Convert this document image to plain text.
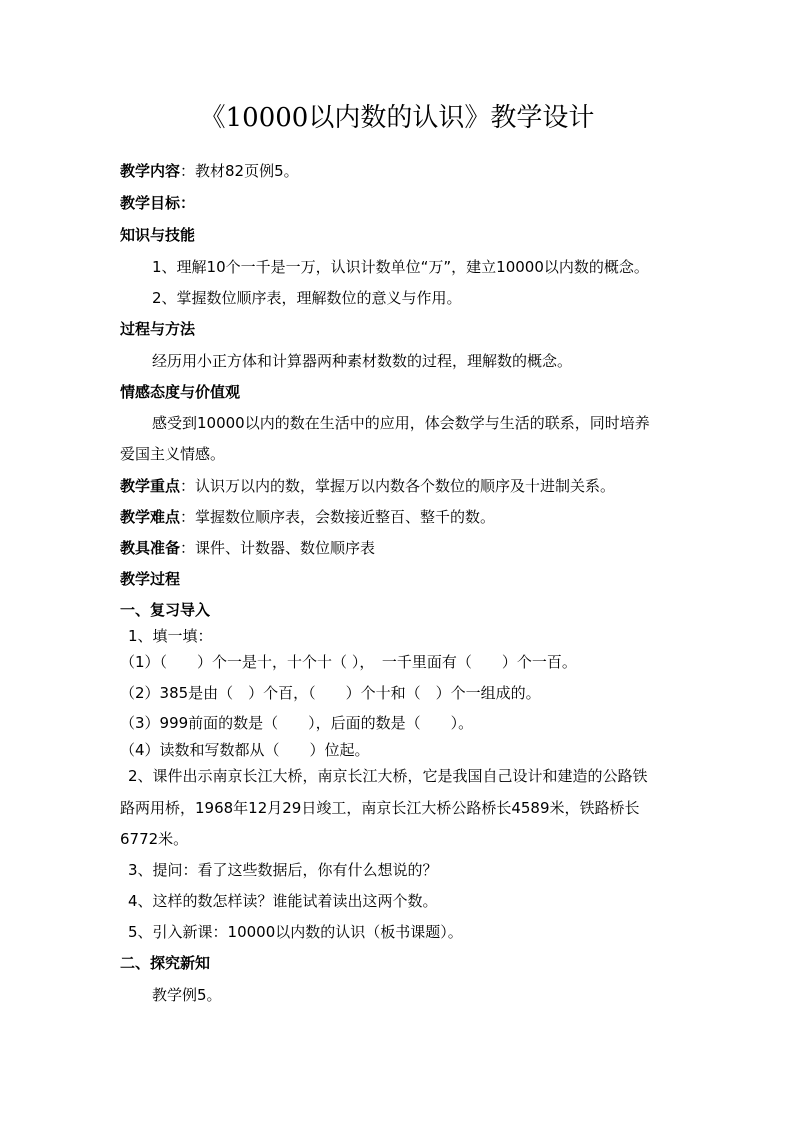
《10000以内数的认识》教学设计
教学内容：教材82页例5。
教学目标：
知识与技能
1、理解10个一千是一万，认识计数单位“万”，建立10000以内数的概念。
2、掌握数位顺序表，理解数位的意义与作用。
过程与方法
经历用小正方体和计算器两种素材数数的过程，理解数的概念。
情感态度与价值观
感受到10000以内的数在生活中的应用，体会数学与生活的联系，同时培养
爱国主义情感。
教学重点：认识万以内的数，掌握万以内数各个数位的顺序及十进制关系。
教学难点：掌握数位顺序表，会数接近整百、整千的数。
教具准备：课件、计数器、数位顺序表
教学过程
一、复习导入
1、填一填：
（1）（　　）个一是十，十个十（ ），　一千里面有（　　）个一百。
（2）385是由（　）个百，（　　）个十和（　）个一组成的。
（3）999前面的数是（　　），后面的数是（　　）。
（4）读数和写数都从（　　）位起。
2、课件出示南京长江大桥，南京长江大桥，它是我国自己设计和建造的公路铁
路两用桥，1968年12月29日竣工，南京长江大桥公路桥长4589米，铁路桥长
6772米。
3、提问：看了这些数据后，你有什么想说的？
4、这样的数怎样读？谁能试着读出这两个数。
5、引入新课：10000以内数的认识（板书课题）。
二、探究新知
教学例5。
